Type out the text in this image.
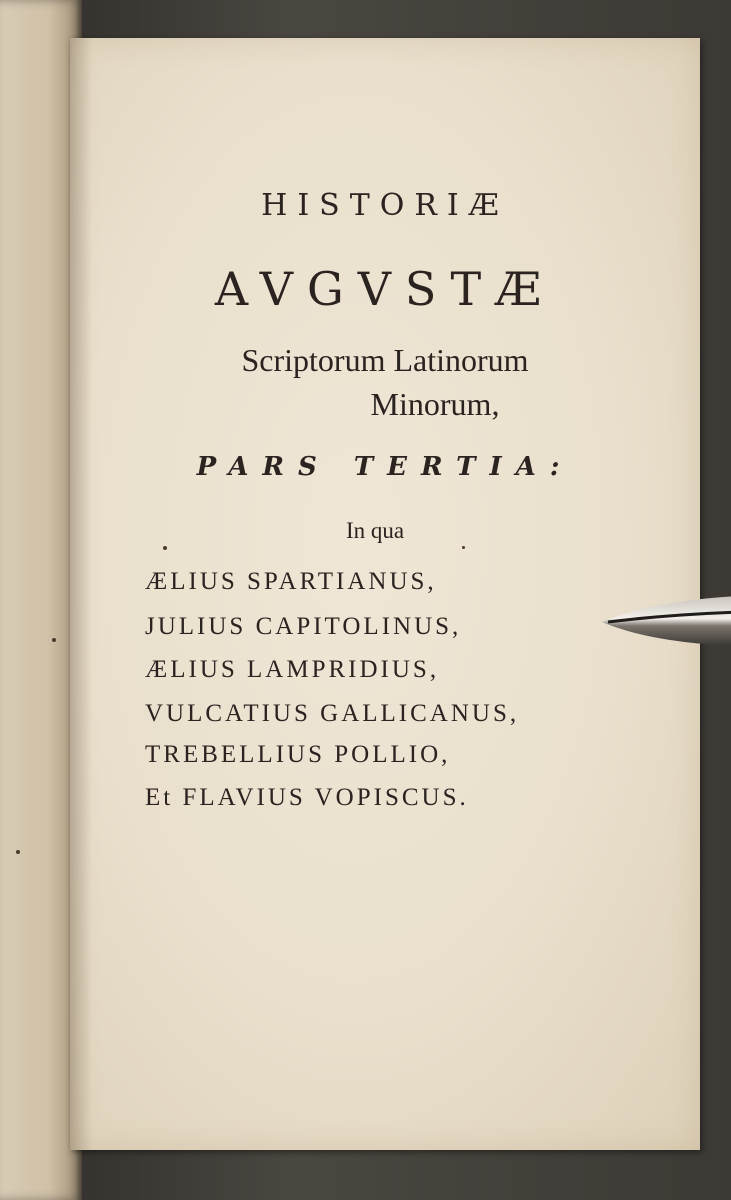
HISTORIÆ
AVGVSTÆ
Scriptorum Latinorum
Minorum,
PARS TERTIA:
In qua
ÆLIUS SPARTIANUS,
JULIUS CAPITOLINUS,
ÆLIUS LAMPRIDIUS,
VULCATIUS GALLICANUS,
TREBELLIUS POLLIO,
Et FLAVIUS VOPISCUS.
